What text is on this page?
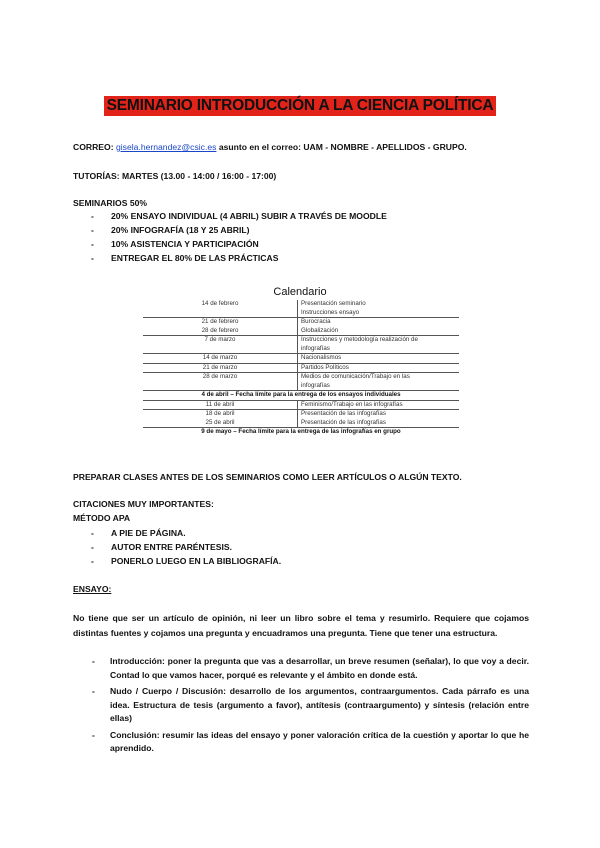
SEMINARIO INTRODUCCIÓN A LA CIENCIA POLÍTICA
CORREO: gisela.hernandez@csic.es asunto en el correo: UAM - NOMBRE - APELLIDOS - GRUPO.
TUTORÍAS: MARTES (13.00 - 14:00 / 16:00 - 17:00)
SEMINARIOS 50%
- 20% ENSAYO INDIVIDUAL (4 ABRIL) SUBIR A TRAVÉS DE MOODLE
- 20% INFOGRAFÍA (18 Y 25 ABRIL)
- 10% ASISTENCIA Y PARTICIPACIÓN
- ENTREGAR EL 80% DE LAS PRÁCTICAS
Calendario
14 de febrero	Presentación seminario
Instrucciones ensayo

21 de febrero	Burocracia

28 de febrero	Globalización

7 de marzo	Instrucciones y metodología realización de
infografías

14 de marzo	Nacionalismos

21 de marzo	Partidos Políticos

28 de marzo	Medios de comunicación/Trabajo en las
infografías

4 de abril – Fecha límite para la entrega de los ensayos individuales	
11 de abril	Feminismo/Trabajo en las infografías

18 de abril	Presentación de las infografías

25 de abril	Presentación de las infografías

9 de mayo – Fecha límite para la entrega de las infografías en grupo	
PREPARAR CLASES ANTES DE LOS SEMINARIOS COMO LEER ARTÍCULOS O ALGÚN TEXTO.
CITACIONES MUY IMPORTANTES:
MÉTODO APA
- A PIE DE PÁGINA.
- AUTOR ENTRE PARÉNTESIS.
- PONERLO LUEGO EN LA BIBLIOGRAFÍA.
ENSAYO:
No tiene que ser un artículo de opinión, ni leer un libro sobre el tema y resumirlo. Requiere que cojamos distintas fuentes y cojamos una pregunta y encuadramos una pregunta. Tiene que tener una estructura.
- Introducción: poner la pregunta que vas a desarrollar, un breve resumen (señalar), lo que voy a decir. Contad lo que vamos hacer, porqué es relevante y el ámbito en donde está.
- Nudo / Cuerpo / Discusión: desarrollo de los argumentos, contraargumentos. Cada párrafo es una idea. Estructura de tesis (argumento a favor), antítesis (contraargumento) y síntesis (relación entre ellas)
- Conclusión: resumir las ideas del ensayo y poner valoración crítica de la cuestión y aportar lo que he aprendido.
